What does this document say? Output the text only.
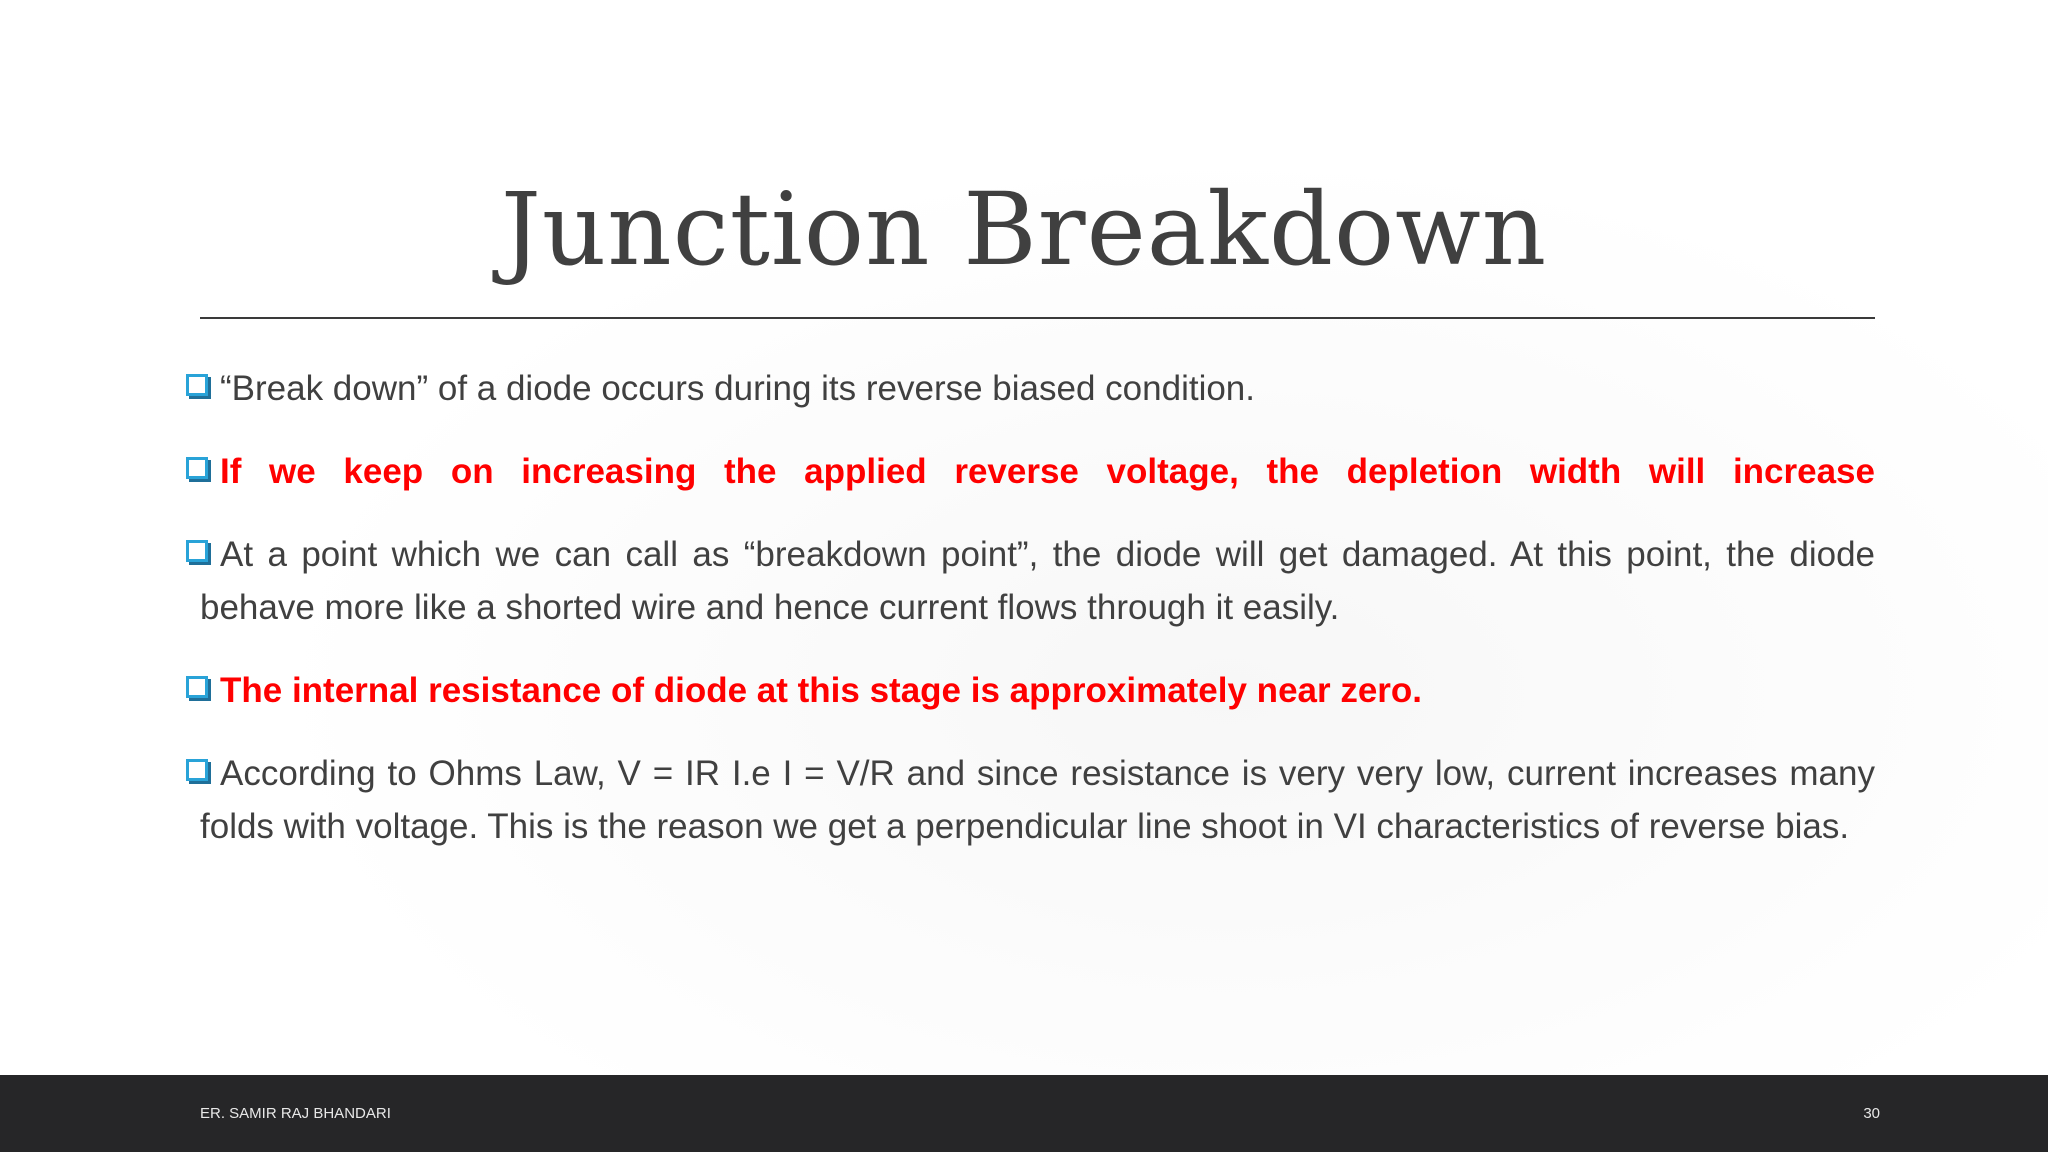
Junction Breakdown
“Break down” of a diode occurs during its reverse biased condition.
If we keep on increasing the applied reverse voltage, the depletion width will increase
At a point which we can call as “breakdown point”, the diode will get damaged. At this point, the diode behave more like a shorted wire and hence current flows through it easily.
The internal resistance of diode at this stage is approximately near zero.
According to Ohms Law, V = IR I.e I = V/R and since resistance is very very low, current increases many folds with voltage. This is the reason we get a perpendicular line shoot in VI characteristics of reverse bias.
ER. SAMIR RAJ BHANDARI	30
